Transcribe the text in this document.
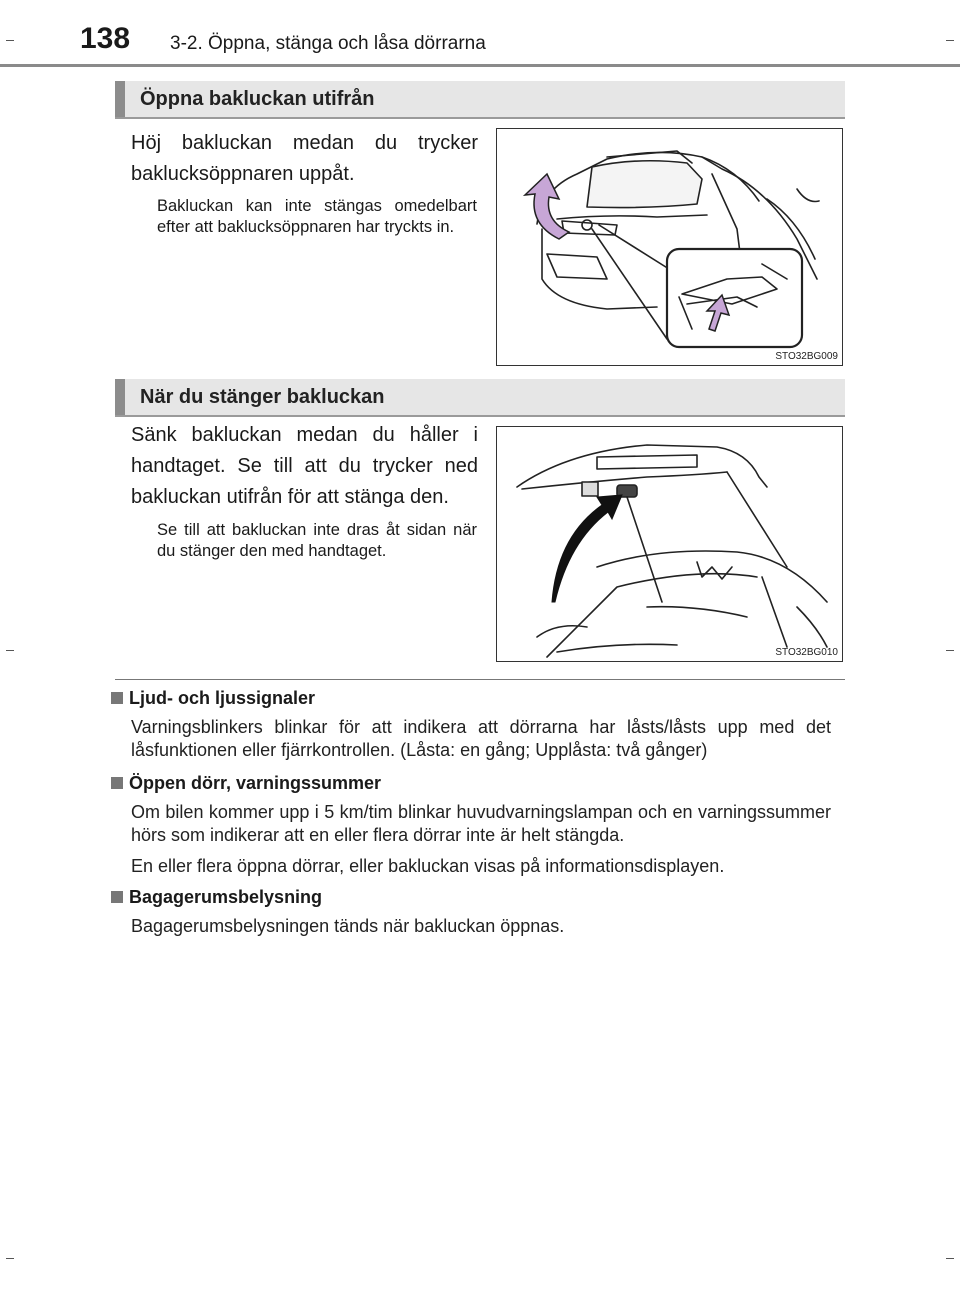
138 3-2. Öppna, stänga och låsa dörrarna
Öppna bakluckan utifrån
Höj bakluckan medan du trycker baklucksöppnaren uppåt.
Bakluckan kan inte stängas omedelbart efter att baklucksöppnaren har tryckts in.
STO32BG009
När du stänger bakluckan
Sänk bakluckan medan du håller i handtaget. Se till att du trycker ned bakluckan utifrån för att stänga den.
Se till att bakluckan inte dras åt sidan när du stänger den med handtaget.
STO32BG010
Ljud- och ljussignaler
Varningsblinkers blinkar för att indikera att dörrarna har låsts/låsts upp med det låsfunktionen eller fjärrkontrollen. (Låsta: en gång; Upplåsta: två gånger)
Öppen dörr, varningssummer
Om bilen kommer upp i 5 km/tim blinkar huvudvarningslampan och en varningssummer hörs som indikerar att en eller flera dörrar inte är helt stängda.
En eller flera öppna dörrar, eller bakluckan visas på informationsdisplayen.
Bagagerumsbelysning
Bagagerumsbelysningen tänds när bakluckan öppnas.
